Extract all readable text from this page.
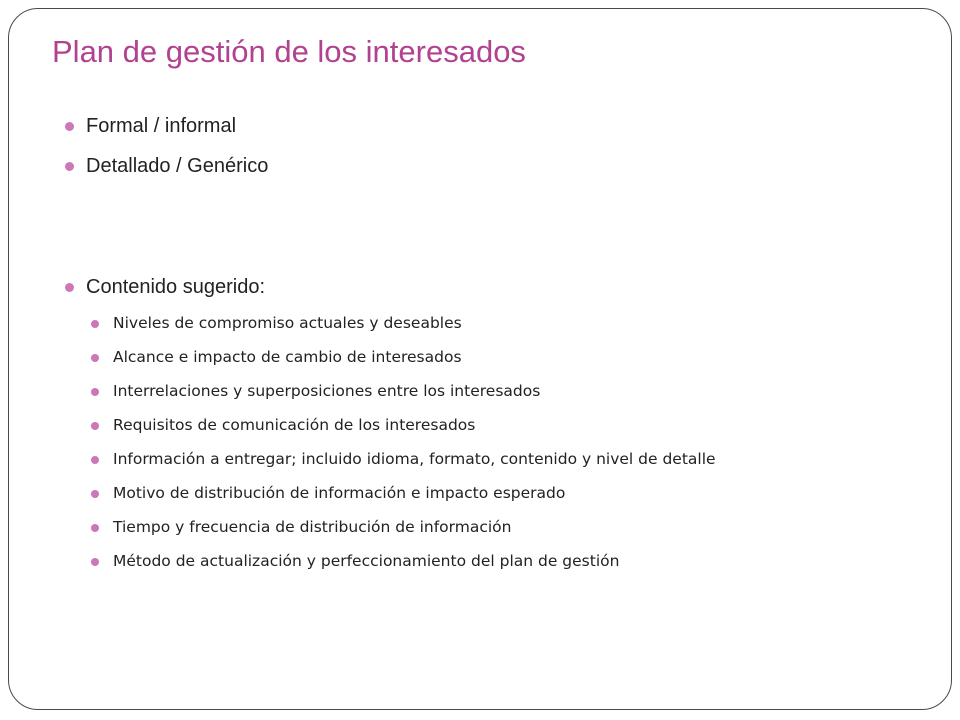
Plan de gestión de los interesados
Formal / informal
Detallado / Genérico
Contenido sugerido:
Niveles de compromiso actuales y deseables
Alcance e impacto de cambio de interesados
Interrelaciones y superposiciones entre los interesados
Requisitos de comunicación de los interesados
Información a entregar; incluido idioma, formato, contenido y nivel de detalle
Motivo de distribución de información e impacto esperado
Tiempo y frecuencia de distribución de información
Método de actualización y perfeccionamiento del plan de gestión
